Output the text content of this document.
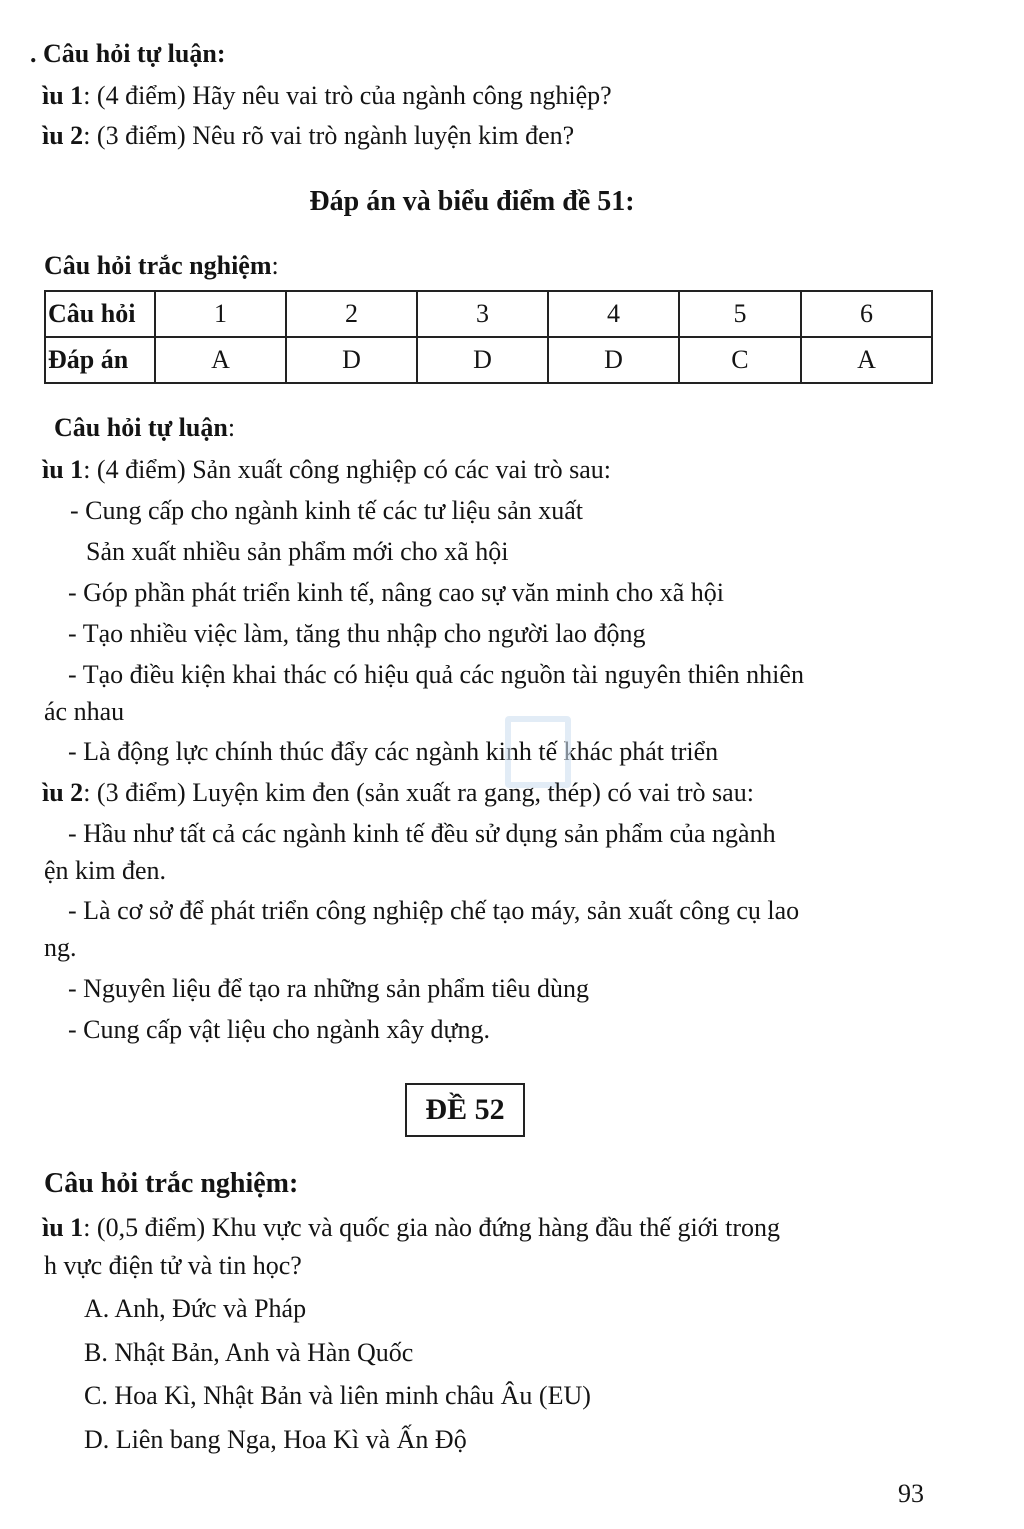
. Câu hỏi tự luận:
ìu 1: (4 điểm) Hãy nêu vai trò của ngành công nghiệp?
ìu 2: (3 điểm) Nêu rõ vai trò ngành luyện kim đen?
Đáp án và biểu điểm đề 51:
Câu hỏi trắc nghiệm:
Câu hỏi	1	2	3	4	5	6
Đáp án	A	D	D	D	C	A
Câu hỏi tự luận:
ìu 1: (4 điểm) Sản xuất công nghiệp có các vai trò sau:
- Cung cấp cho ngành kinh tế các tư liệu sản xuất
Sản xuất nhiều sản phẩm mới cho xã hội
- Góp phần phát triển kinh tế, nâng cao sự văn minh cho xã hội
- Tạo nhiều việc làm, tăng thu nhập cho người lao động
- Tạo điều kiện khai thác có hiệu quả các nguồn tài nguyên thiên nhiên
ác nhau
- Là động lực chính thúc đẩy các ngành kinh tế khác phát triển
ìu 2: (3 điểm) Luyện kim đen (sản xuất ra gang, thép) có vai trò sau:
- Hầu như tất cả các ngành kinh tế đều sử dụng sản phẩm của ngành
ện kim đen.
- Là cơ sở để phát triển công nghiệp chế tạo máy, sản xuất công cụ lao
ng.
- Nguyên liệu để tạo ra những sản phẩm tiêu dùng
- Cung cấp vật liệu cho ngành xây dựng.
ĐỀ 52
Câu hỏi trắc nghiệm:
ìu 1: (0,5 điểm) Khu vực và quốc gia nào đứng hàng đầu thế giới trong
h vực điện tử và tin học?
A. Anh, Đức và Pháp
B. Nhật Bản, Anh và Hàn Quốc
C. Hoa Kì, Nhật Bản và liên minh châu Âu (EU)
D. Liên bang Nga, Hoa Kì và Ấn Độ
93
